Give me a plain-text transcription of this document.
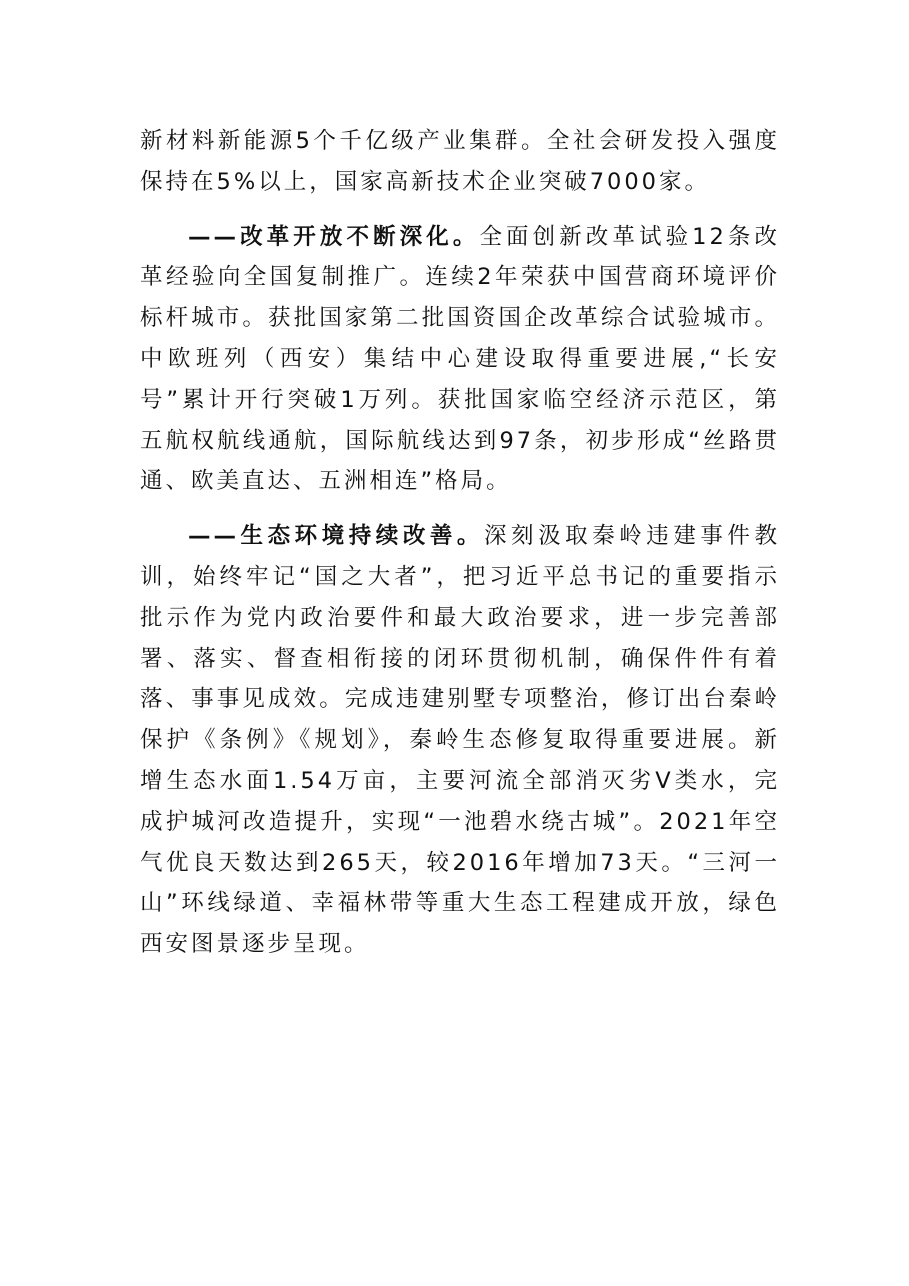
新材料新能源5个千亿级产业集群。全社会研发投入强度保持在5%以上，国家高新技术企业突破7000家。

——改革开放不断深化。全面创新改革试验12条改革经验向全国复制推广。连续2年荣获中国营商环境评价标杆城市。获批国家第二批国资国企改革综合试验城市。中欧班列（西安）集结中心建设取得重要进展,“长安号”累计开行突破1万列。获批国家临空经济示范区，第五航权航线通航，国际航线达到97条，初步形成“丝路贯通、欧美直达、五洲相连”格局。

——生态环境持续改善。深刻汲取秦岭违建事件教训，始终牢记“国之大者”，把习近平总书记的重要指示批示作为党内政治要件和最大政治要求，进一步完善部署、落实、督查相衔接的闭环贯彻机制，确保件件有着落、事事见成效。完成违建别墅专项整治，修订出台秦岭保护《条例》《规划》，秦岭生态修复取得重要进展。新增生态水面1.54万亩，主要河流全部消灭劣V类水，完成护城河改造提升，实现“一池碧水绕古城”。2021年空气优良天数达到265天，较2016年增加73天。“三河一山”环线绿道、幸福林带等重大生态工程建成开放，绿色西安图景逐步呈现。
